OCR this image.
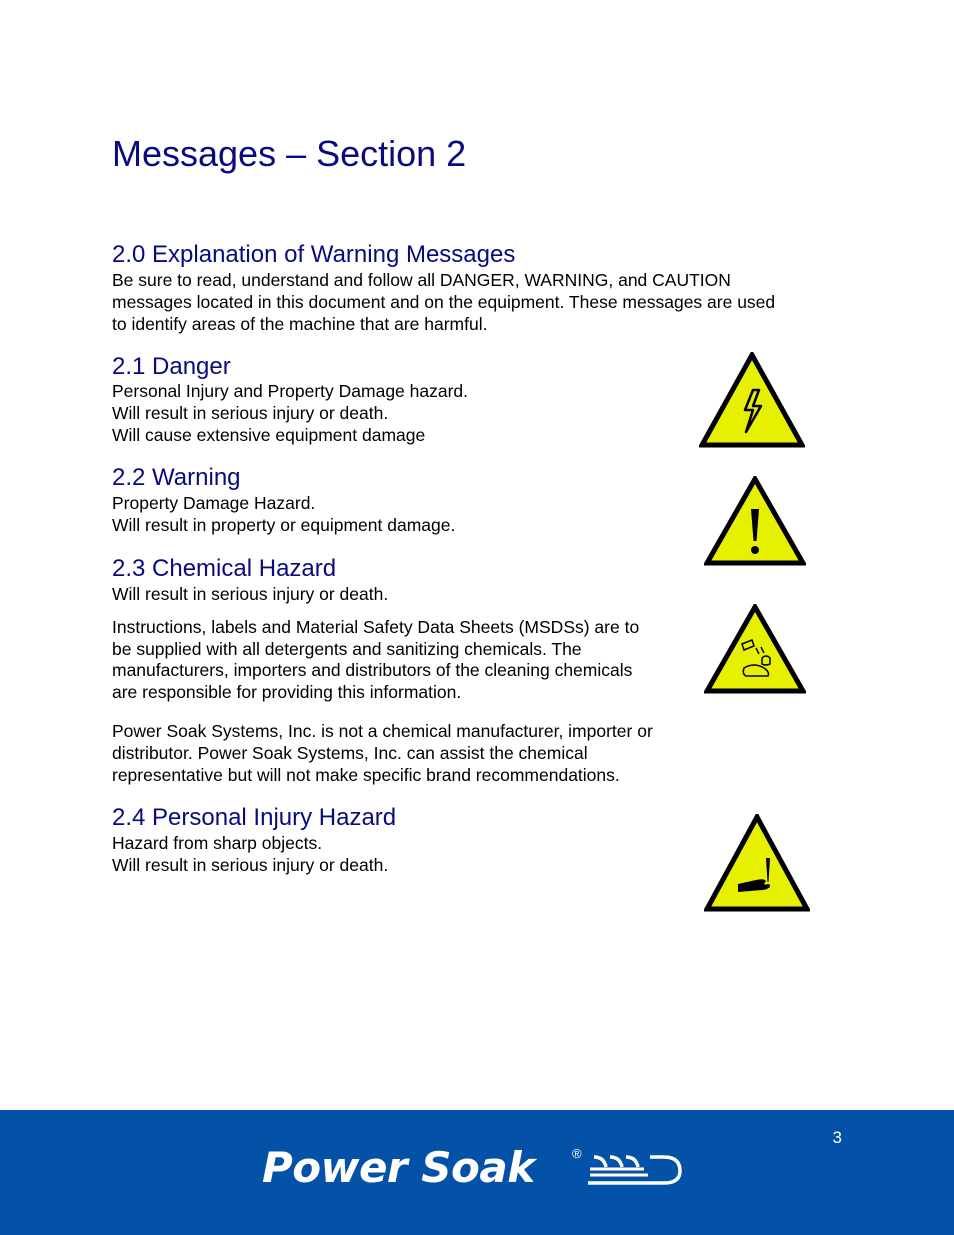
Messages – Section 2
2.0 Explanation of Warning Messages
Be sure to read, understand and follow all DANGER, WARNING, and CAUTION
messages located in this document and on the equipment. These messages are used
to identify areas of the machine that are harmful.
2.1 Danger
Personal Injury and Property Damage hazard.
Will result in serious injury or death.
Will cause extensive equipment damage
2.2 Warning
Property Damage Hazard.
Will result in property or equipment damage.
2.3 Chemical Hazard
Will result in serious injury or death.
Instructions, labels and Material Safety Data Sheets (MSDSs) are to
be supplied with all detergents and sanitizing chemicals. The
manufacturers, importers and distributors of the cleaning chemicals
are responsible for providing this information.
Power Soak Systems, Inc. is not a chemical manufacturer, importer or
distributor. Power Soak Systems, Inc. can assist the chemical
representative but will not make specific brand recommendations.
2.4 Personal Injury Hazard
Hazard from sharp objects.
Will result in serious injury or death.
3
Power Soak	®
